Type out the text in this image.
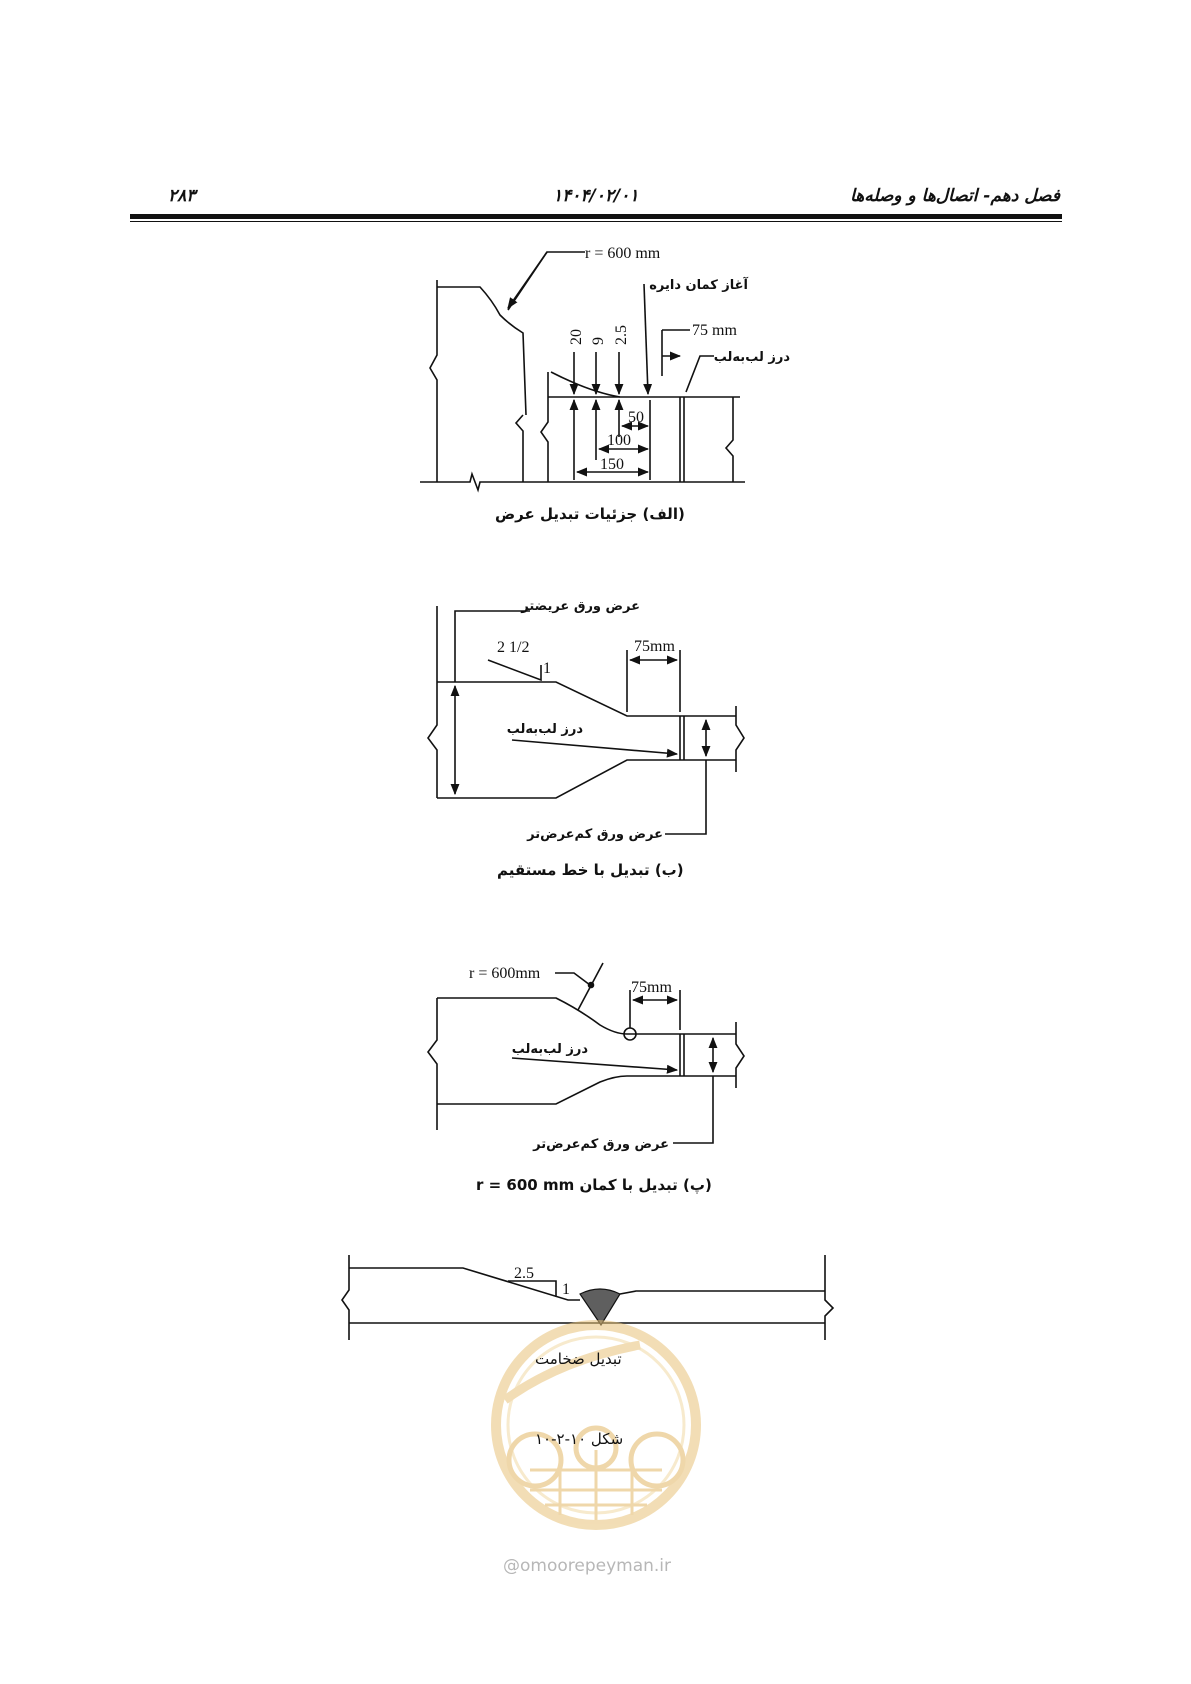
فصل دهم- اتصال‌ها و وصله‌ها
۱۴۰۴/۰۲/۰۱
۲۸۳
r = 600 mm
75 mm
50
100
150
20 9 2.5
آغاز کمان دایره
درز لب‌به‌لب
2 1/2
1
75mm
عرض ورق عریضتر
درز لب‌به‌لب
عرض ورق کم‌عرض‌تر
r = 600mm
75mm
درز لب‌به‌لب
عرض ورق کم‌عرض‌تر
2.5
1
(الف) جزئیات تبدیل عرض
(ب) تبدیل با خط مستقیم
(پ) تبدیل با کمان r = 600 mm
تبدیل ضخامت
شکل ۱۰-۲-۱۰
@omoorepeyman.ir
